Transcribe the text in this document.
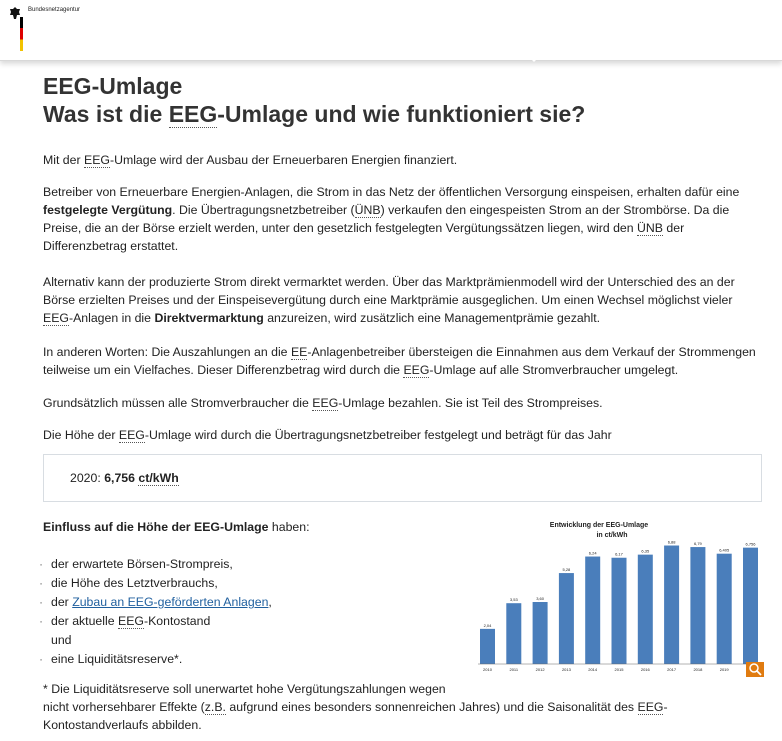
Bundesnetzagentur
EEG-Umlage
Was ist die EEG-Umlage und wie funktioniert sie?

Mit der EEG-Umlage wird der Ausbau der Erneuerbaren Energien finanziert.

Betreiber von Erneuerbare Energien-Anlagen, die Strom in das Netz der öffentlichen Versorgung einspeisen, erhalten dafür eine
festgelegte Vergütung. Die Übertragungsnetzbetreiber (ÜNB) verkaufen den eingespeisten Strom an der Strombörse. Da die Preise, die an der Börse erzielt werden, unter den gesetzlich festgelegten Vergütungssätzen liegen, wird den ÜNB der Differenzbetrag erstattet.

Alternativ kann der produzierte Strom direkt vermarktet werden. Über das Marktprämienmodell wird der Unterschied des an der Börse erzielten Preises und der Einspeisevergütung durch eine Marktprämie ausgeglichen. Um einen Wechsel möglichst vieler EEG-Anlagen in die Direktvermarktung anzureizen, wird zusätzlich eine Managementprämie gezahlt.

In anderen Worten: Die Auszahlungen an die EE-Anlagenbetreiber übersteigen die Einnahmen aus dem Verkauf der Strommengen teilweise um ein Vielfaches. Dieser Differenzbetrag wird durch die EEG-Umlage auf alle Stromverbraucher umgelegt.

Grundsätzlich müssen alle Stromverbraucher die EEG-Umlage bezahlen. Sie ist Teil des Strompreises.

Die Höhe der EEG-Umlage wird durch die Übertragungsnetzbetreiber festgelegt und beträgt für das Jahr

2020: 6,756 ct/kWh

Einfluss auf die Höhe der EEG-Umlage haben:

· der erwartete Börsen-Strompreis,
· die Höhe des Letztverbrauchs,
· der Zubau an EEG-geförderten Anlagen,
· der aktuelle EEG-Kontostand
und
· eine Liquiditätsreserve*.

* Die Liquiditätsreserve soll unerwartet hohe Vergütungszahlungen wegen
nicht vorhersehbarer Effekte (z.B. aufgrund eines besonders sonnenreichen Jahres) und die Saisonalität des EEG-Kontostandverlaufs abbilden.

Entwicklung der EEG-Umlage
in ct/kWh
2,04
2010
3,53
2011
3,60
2012
5,28
2013
6,24
2014
6,17
2015
6,35
2016
6,88
2017
6,79
2018
6,405
2019
6,756
